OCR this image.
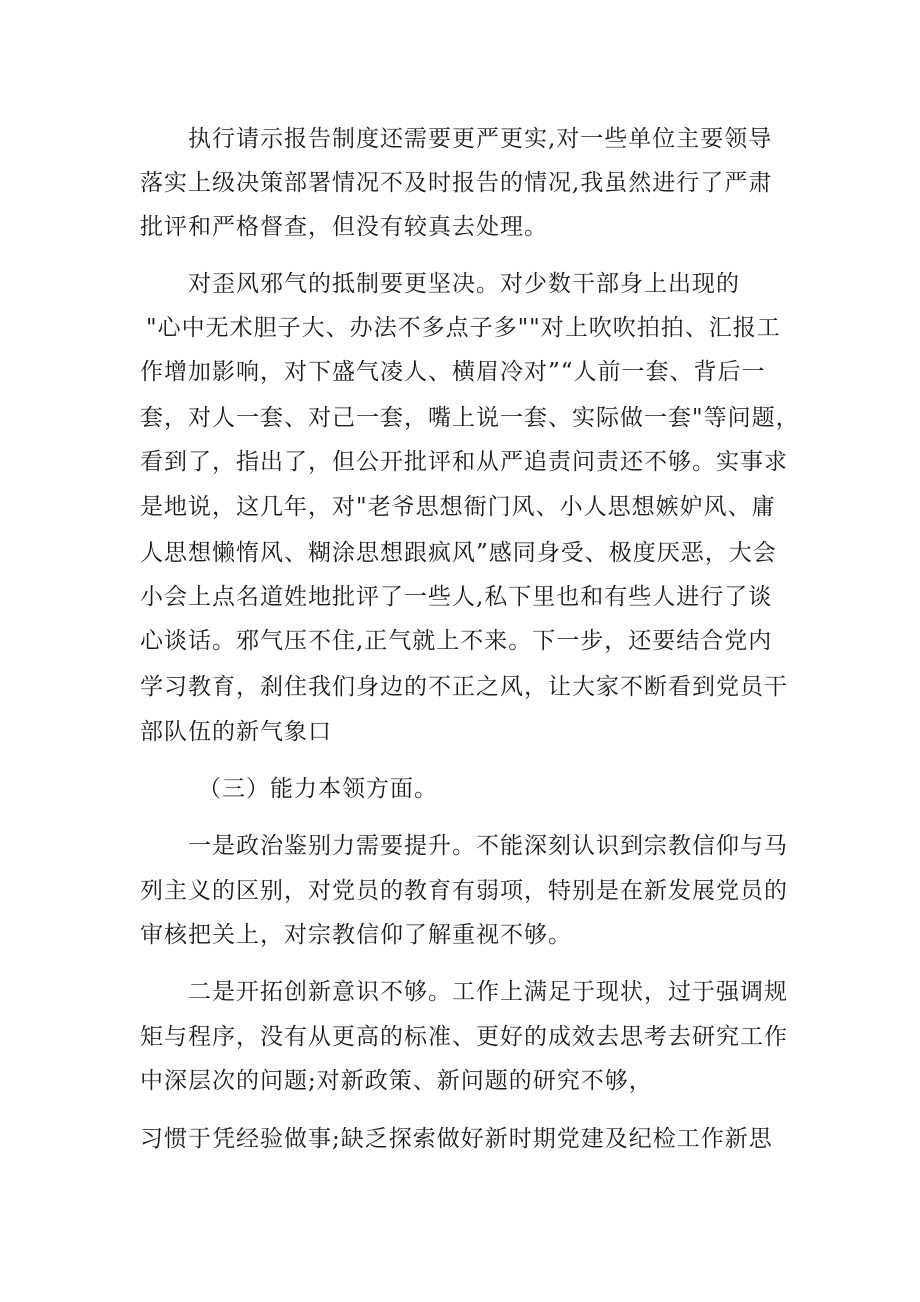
执行请示报告制度还需要更严更实,对一些单位主要领导
落实上级决策部署情况不及时报告的情况,我虽然进行了严肃
批评和严格督查，但没有较真去处理。
对歪风邪气的抵制要更坚决。对少数干部身上出现的
"心中无术胆子大、办法不多点子多""对上吹吹拍拍、汇报工
作增加影响，对下盛气凌人、横眉冷对”“人前一套、背后一
套，对人一套、对己一套，嘴上说一套、实际做一套"等问题，
看到了，指出了，但公开批评和从严追责问责还不够。实事求
是地说，这几年，对"老爷思想衙门风、小人思想嫉妒风、庸
人思想懒惰风、糊涂思想跟疯风”感同身受、极度厌恶，大会
小会上点名道姓地批评了一些人,私下里也和有些人进行了谈
心谈话。邪气压不住,正气就上不来。下一步，还要结合党内
学习教育，刹住我们身边的不正之风，让大家不断看到党员干
部队伍的新气象口
（三）能力本领方面。
一是政治鉴别力需要提升。不能深刻认识到宗教信仰与马
列主义的区别，对党员的教育有弱项，特别是在新发展党员的
审核把关上，对宗教信仰了解重视不够。
二是开拓创新意识不够。工作上满足于现状，过于强调规
矩与程序，没有从更高的标准、更好的成效去思考去研究工作
中深层次的问题;对新政策、新问题的研究不够，
习惯于凭经验做事;缺乏探索做好新时期党建及纪检工作新思
